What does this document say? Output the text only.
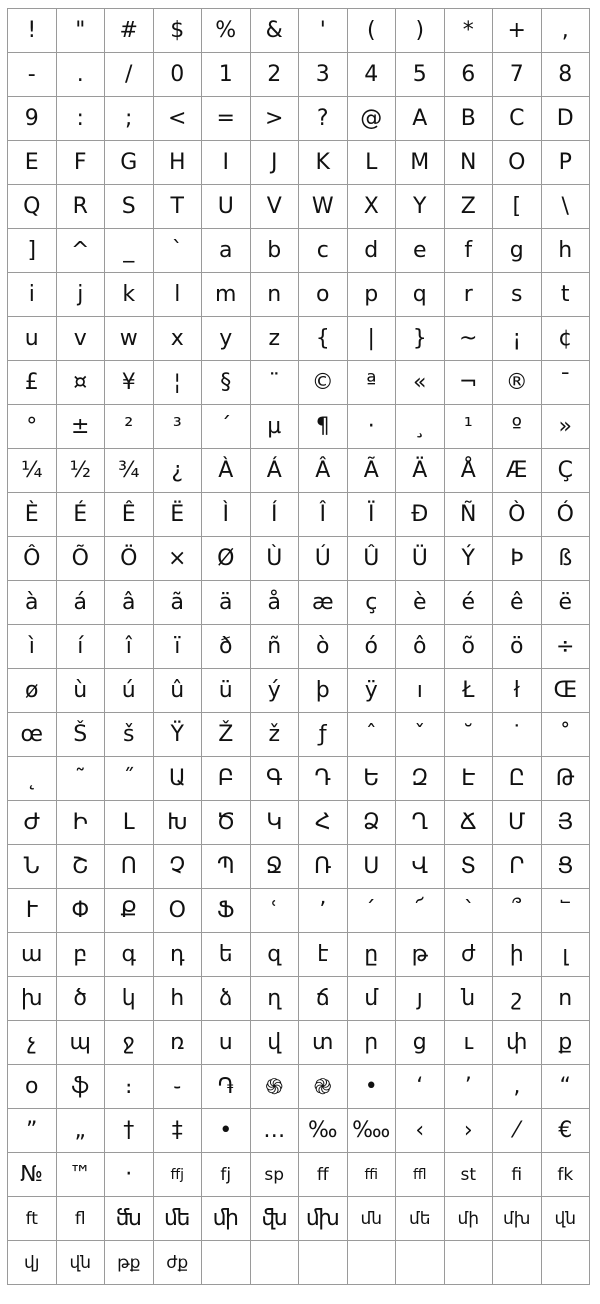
! " # $ % & ' ( ) * + ,
- . / 0 1 2 3 4 5 6 7 8
9 : ; < = > ? @ A B C D
E F G H I J K L M N O P
Q R S T U V W X Y Z [ \
] ^ _ ` a b c d e f g h
i j k l m n o p q r s t
u v w x y z { | } ~ ¡ ¢
£ ¤ ¥ ¦ § ¨ © ª « ¬ ® ¯
° ± ² ³ ´ µ ¶ · ¸ ¹ º »
¼ ½ ¾ ¿ À Á Â Ã Ä Å Æ Ç
È É Ê Ë Ì Í Î Ï Ð Ñ Ò Ó
Ô Õ Ö × Ø Ù Ú Û Ü Ý Þ ß
à á â ã ä å æ ç è é ê ë
ì í î ï ð ñ ò ó ô õ ö ÷
ø ù ú û ü ý þ ÿ ı Ł ł Œ
œ Š š Ÿ Ž ž ƒ ˆ ˇ ˘ ˙ ˚
˛ ˜ ˝ Ա Բ Գ Դ Ե Զ Է Ը Թ
Ժ Ի Լ Խ Ծ Կ Հ Ձ Ղ Ճ Մ Յ
Ն Շ Ո Չ Պ Ջ Ռ Ս Վ Տ Ր Ց
Ւ Փ Ք Օ Ֆ ՙ ՚ ՛ ՜ ՝ ՞ ՟
ա բ գ դ ե զ է ը թ ժ ի լ
խ ծ կ հ ձ ղ ճ մ յ ն շ ո
չ պ ջ ռ ս վ տ ր ց ւ փ ք
օ ֆ ։ ֊ ֏ ֍ ֎ • ‘ ’ ‚ “
” „ † ‡ • … ‰ ‱ ‹ › ⁄ €
№ ™ ·	ffj fj sp ff	ffi ffl st fi fk
ft fl ﬓ ﬔ ﬕ ﬖ ﬗ մն մե մի մխ վն
վյ վն թք ժք
